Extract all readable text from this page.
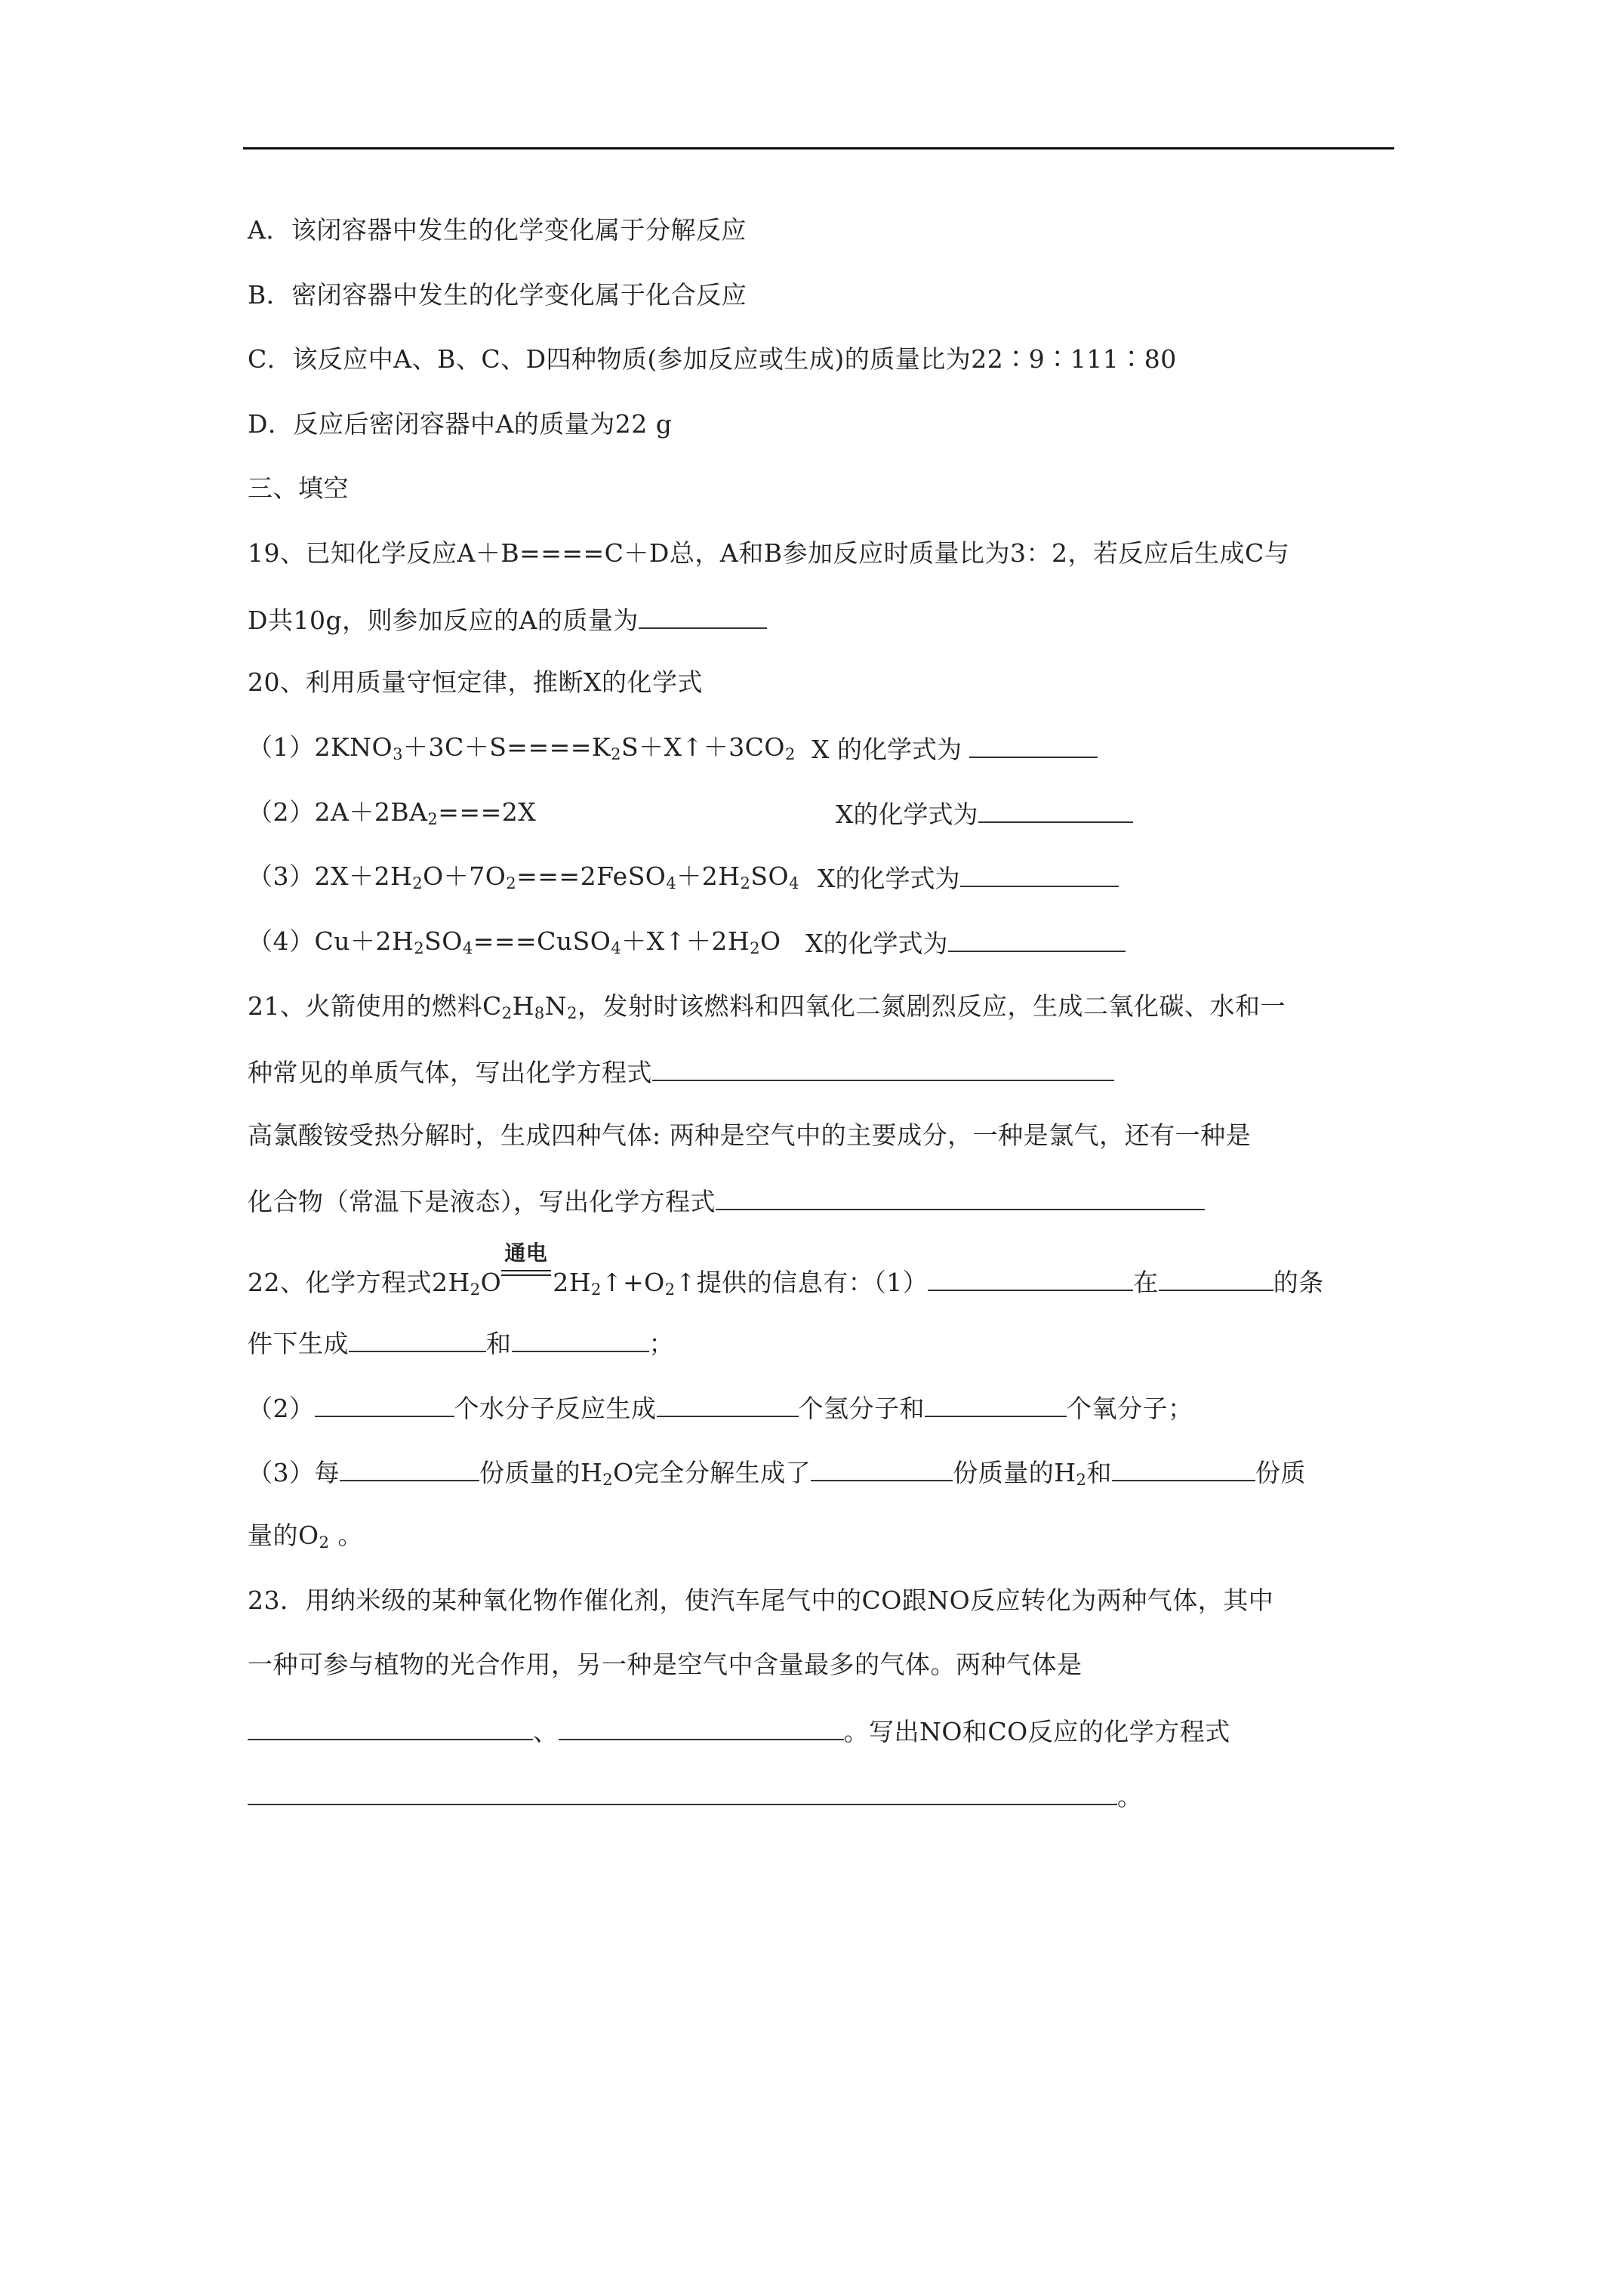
A．该闭容器中发生的化学变化属于分解反应
B．密闭容器中发生的化学变化属于化合反应
C．该反应中A、B、C、D四种物质(参加反应或生成)的质量比为22∶9∶111∶80
D．反应后密闭容器中A的质量为22 g
三、填空
19、已知化学反应A＋B====C＋D总，A和B参加反应时质量比为3：2，若反应后生成C与
D共10g，则参加反应的A的质量为
20、利用质量守恒定律，推断X的化学式
$(1)2KNO_3+3C+S====K_2S+X↑+3CO_2$ X 的化学式为
$(2)2A+2BA_2===2X$	X的化学式为
$(3)2X+2H_2O+7O_2===2FeSO_4+2H_2SO_4$ X的化学式为
$(4)Cu+2H_2SO_4===CuSO_4+X↑+2H_2O$ X的化学式为
21、火箭使用的燃料$C_2H_8N_2$，发射时该燃料和四氧化二氮剧烈反应，生成二氧化碳、水和一
种常见的单质气体，写出化学方程式
高氯酸铵受热分解时，生成四种气体: 两种是空气中的主要成分，一种是氯气，还有一种是
化合物（常温下是液态），写出化学方程式
22、化学方程式$2H_2O$
通电
$2H_2↑+O_2↑$提供的信息有：（1）	在	的条
件下生成	和	；
（2）	个水分子反应生成	个氢分子和	个氧分子；
（3）每	份质量的$H_2O$完全分解生成了	份质量的$H_2$和	份质
量的$O_2$ 。
23．用纳米级的某种氧化物作催化剂，使汽车尾气中的CO跟NO反应转化为两种气体，其中
一种可参与植物的光合作用，另一种是空气中含量最多的气体。两种气体是
、	。写出NO和CO反应的化学方程式
。
